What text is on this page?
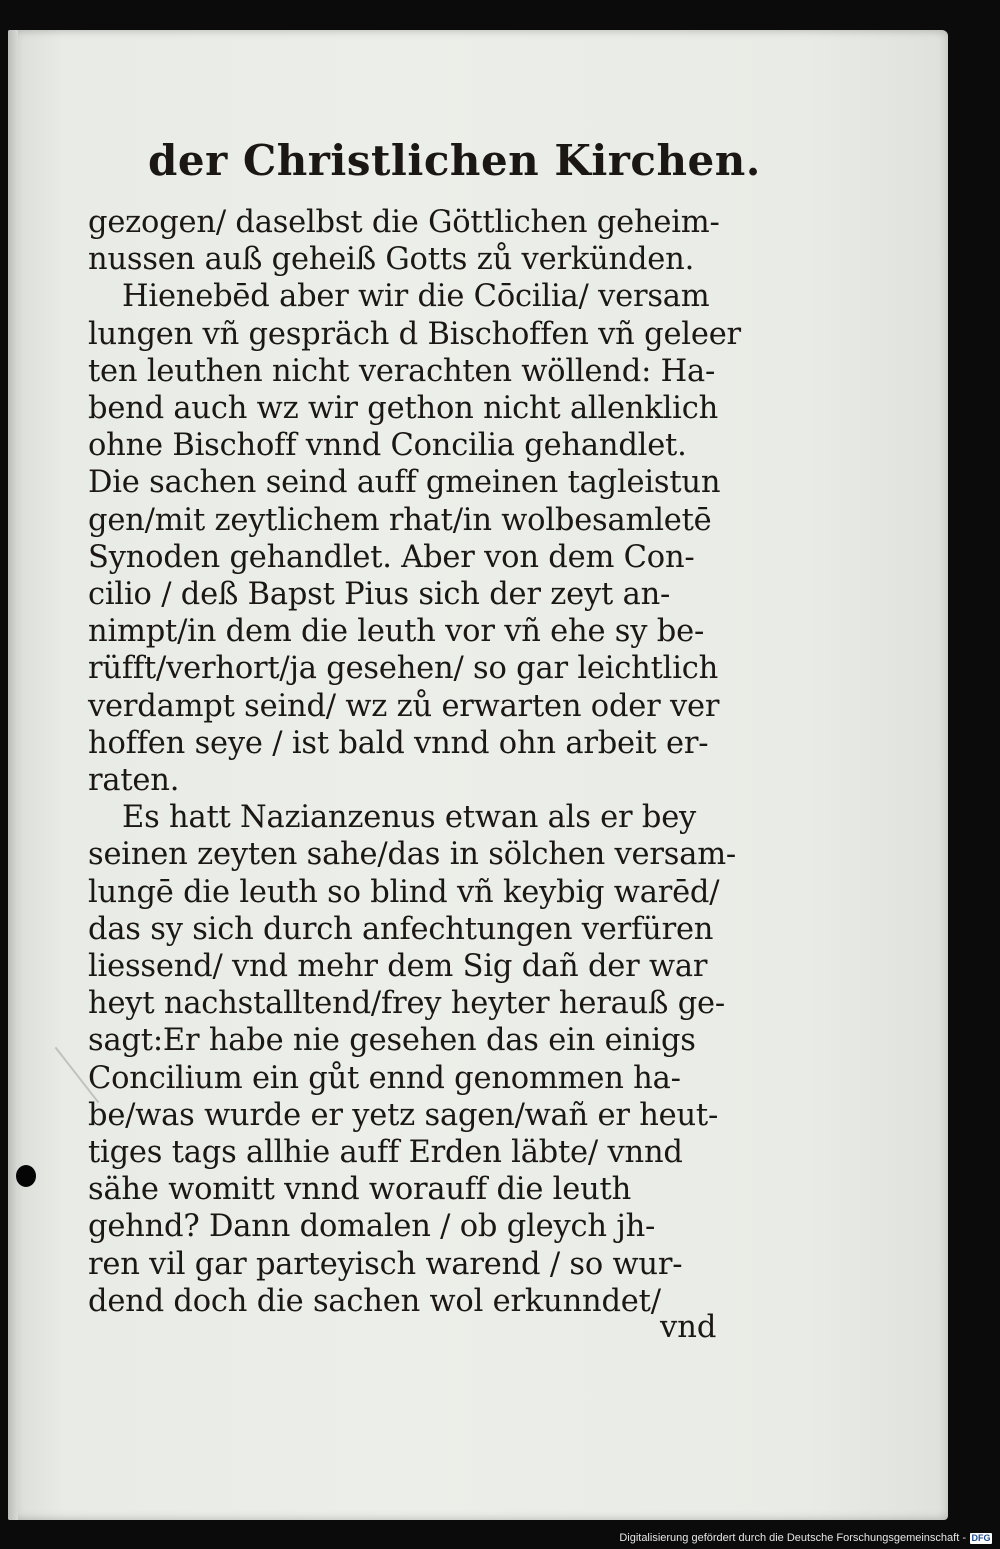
der Christlichen Kirchen.
gezogen/ daselbst die Göttlichen geheim-
nussen auß geheiß Gotts zů verkünden.
Hienebēd aber wir die Cōcilia/ versam
lungen vñ gespräch d Bischoffen vñ geleer
ten leuthen nicht verachten wöllend: Ha-
bend auch wz wir gethon nicht allenklich
ohne Bischoff vnnd Concilia gehandlet.
Die sachen seind auff gmeinen tagleistun
gen/mit zeytlichem rhat/in wolbesamletē
Synoden gehandlet. Aber von dem Con-
cilio / deß Bapst Pius sich der zeyt an-
nimpt/in dem die leuth vor vñ ehe sy be-
rüfft/verhort/ja gesehen/ so gar leichtlich
verdampt seind/ wz zů erwarten oder ver
hoffen seye / ist bald vnnd ohn arbeit er-
raten.
Es hatt Nazianzenus etwan als er bey
seinen zeyten sahe/das in sölchen versam-
lungē die leuth so blind vñ keybig warēd/
das sy sich durch anfechtungen verfüren
liessend/ vnd mehr dem Sig dañ der war
heyt nachstalltend/frey heyter herauß ge-
sagt:Er habe nie gesehen das ein einigs
Concilium ein gůt ennd genommen ha-
be/was wurde er yetz sagen/wañ er heut-
tiges tags allhie auff Erden läbte/ vnnd
sähe womitt vnnd worauff die leuth
gehnd? Dann domalen / ob gleych jh-
ren vil gar parteyisch warend / so wur-
dend doch die sachen wol erkunndet/
vnd
Digitalisierung gefördert durch die Deutsche Forschungsgemeinschaft - DFG
